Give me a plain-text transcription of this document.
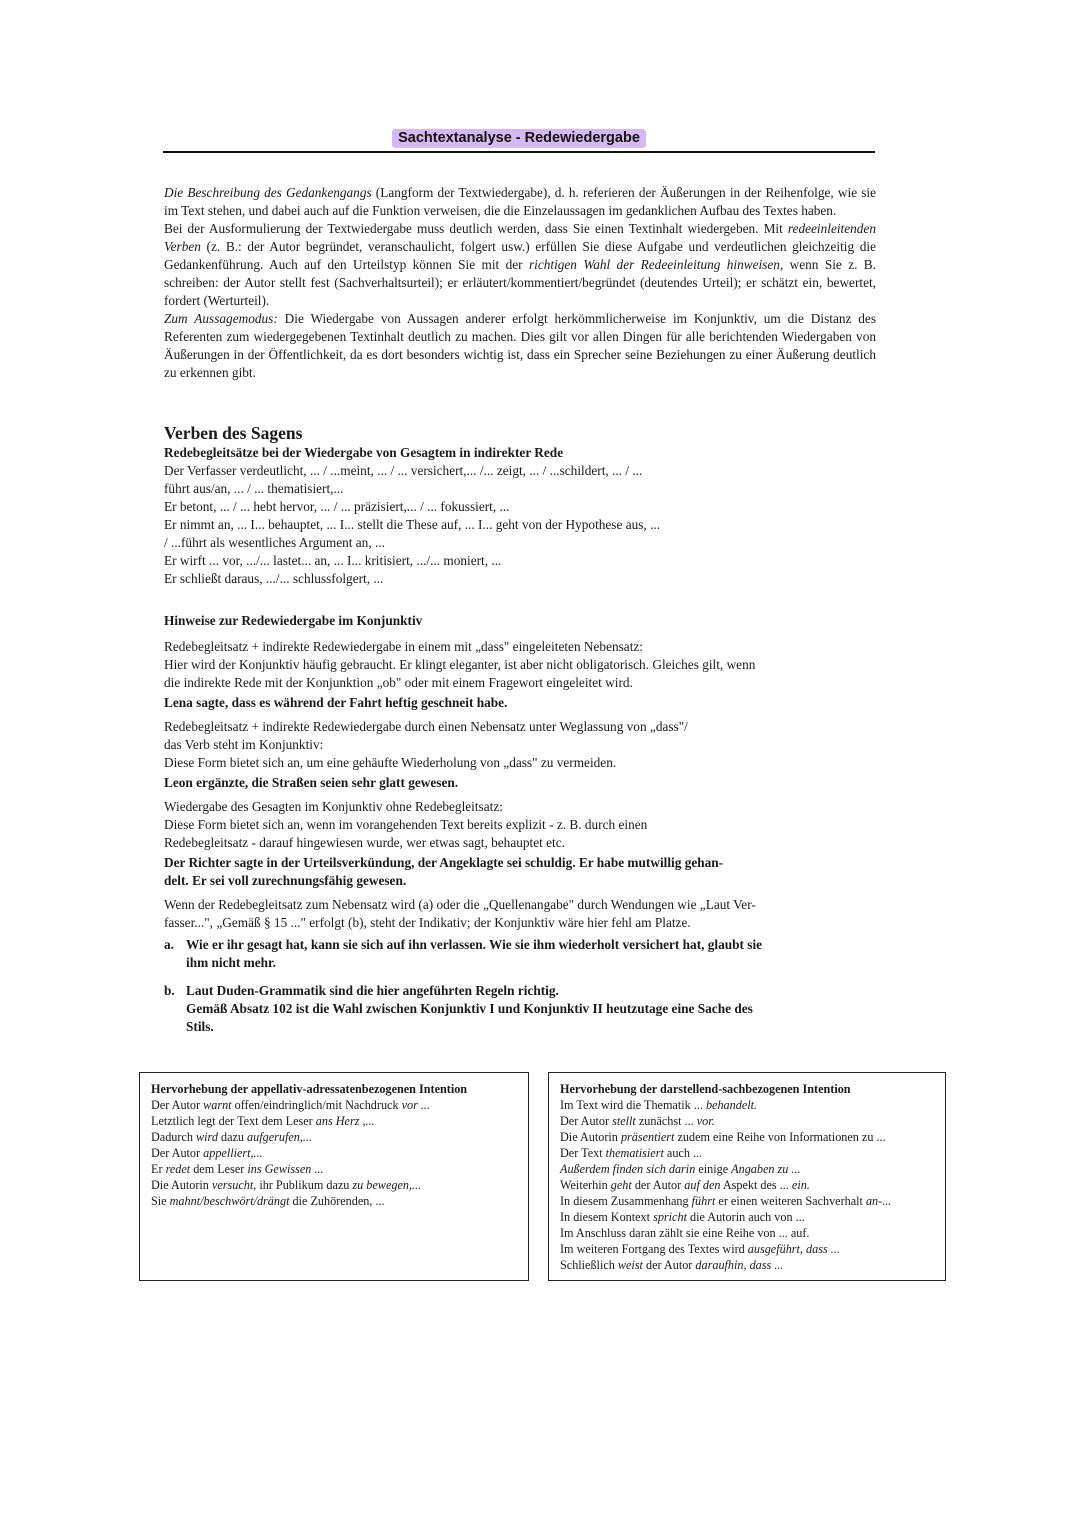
Sachtextanalyse - Redewiedergabe

Die Beschreibung des Gedankengangs (Langform der Textwiedergabe), d. h. referieren der Äußerungen in der Reihenfolge, wie sie im Text stehen, und dabei auch auf die Funktion verweisen, die die Einzelaussagen im gedanklichen Aufbau des Textes haben.

Bei der Ausformulierung der Textwiedergabe muss deutlich werden, dass Sie einen Textinhalt wiedergeben. Mit redeeinleitenden Verben (z. B.: der Autor begründet, veranschaulicht, folgert usw.) erfüllen Sie diese Aufgabe und verdeutlichen gleichzeitig die Gedankenführung. Auch auf den Urteilstyp können Sie mit der richtigen Wahl der Redeeinleitung hinweisen, wenn Sie z. B. schreiben: der Autor stellt fest (Sachverhaltsurteil); er erläutert/kommentiert/begründet (deutendes Urteil); er schätzt ein, bewertet, fordert (Werturteil).

Zum Aussagemodus: Die Wiedergabe von Aussagen anderer erfolgt herkömmlicherweise im Konjunktiv, um die Distanz des Referenten zum wiedergegebenen Textinhalt deutlich zu machen. Dies gilt vor allen Dingen für alle berichtenden Wiedergaben von Äußerungen in der Öffentlichkeit, da es dort besonders wichtig ist, dass ein Sprecher seine Beziehungen zu einer Äußerung deutlich zu erkennen gibt.

Verben des Sagens

Redebegleitsätze bei der Wiedergabe von Gesagtem in indirekter Rede

Der Verfasser verdeutlicht, ... / ...meint, ... / ... versichert,... /... zeigt, ... / ...schildert, ... / ...

führt aus/an, ... / ... thematisiert,...

Er betont, ... / ... hebt hervor, ... / ... präzisiert,... / ... fokussiert, ...

Er nimmt an, ... I... behauptet, ... I... stellt die These auf, ... I... geht von der Hypothese aus, ...

/ ...führt als wesentliches Argument an, ...

Er wirft ... vor, .../... lastet... an, ... I... kritisiert, .../... moniert, ...

Er schließt daraus, .../... schlussfolgert, ...

Hinweise zur Redewiedergabe im Konjunktiv

Redebegleitsatz + indirekte Redewiedergabe in einem mit „dass" eingeleiteten Nebensatz:

Hier wird der Konjunktiv häufig gebraucht. Er klingt eleganter, ist aber nicht obligatorisch. Gleiches gilt, wenn

die indirekte Rede mit der Konjunktion „ob" oder mit einem Fragewort eingeleitet wird.

Lena sagte, dass es während der Fahrt heftig geschneit habe.

Redebegleitsatz + indirekte Redewiedergabe durch einen Nebensatz unter Weglassung von „dass"/

das Verb steht im Konjunktiv:

Diese Form bietet sich an, um eine gehäufte Wiederholung von „dass" zu vermeiden.

Leon ergänzte, die Straßen seien sehr glatt gewesen.

Wiedergabe des Gesagten im Konjunktiv ohne Redebegleitsatz:

Diese Form bietet sich an, wenn im vorangehenden Text bereits explizit - z. B. durch einen

Redebegleitsatz - darauf hingewiesen wurde, wer etwas sagt, behauptet etc.

Der Richter sagte in der Urteilsverkündung, der Angeklagte sei schuldig. Er habe mutwillig gehan-

delt. Er sei voll zurechnungsfähig gewesen.

Wenn der Redebegleitsatz zum Nebensatz wird (a) oder die „Quellenangabe" durch Wendungen wie „Laut Ver-

fasser...", „Gemäß § 15 ..." erfolgt (b), steht der Indikativ; der Konjunktiv wäre hier fehl am Platze.

a. Wie er ihr gesagt hat, kann sie sich auf ihn verlassen. Wie sie ihm wiederholt versichert hat, glaubt sie
ihm nicht mehr.
b. Laut Duden-Grammatik sind die hier angeführten Regeln richtig.
Gemäß Absatz 102 ist die Wahl zwischen Konjunktiv I und Konjunktiv II heutzutage eine Sache des
Stils.

Hervorhebung der appellativ-adressatenbezogenen Intention

Der Autor warnt offen/eindringlich/mit Nachdruck vor ...

Letztlich legt der Text dem Leser ans Herz ,...

Dadurch wird dazu aufgerufen,...

Der Autor appelliert,...

Er redet dem Leser ins Gewissen ...

Die Autorin versucht, ihr Publikum dazu zu bewegen,...

Sie mahnt/beschwört/drängt die Zuhörenden, ...

Hervorhebung der darstellend-sachbezogenen Intention

Im Text wird die Thematik ... behandelt.

Der Autor stellt zunächst ... vor.

Die Autorin präsentiert zudem eine Reihe von Informationen zu ...

Der Text thematisiert auch ...

Außerdem finden sich darin einige Angaben zu ...

Weiterhin geht der Autor auf den Aspekt des ... ein.

In diesem Zusammenhang führt er einen weiteren Sachverhalt an-...

In diesem Kontext spricht die Autorin auch von ...

Im Anschluss daran zählt sie eine Reihe von ... auf.

Im weiteren Fortgang des Textes wird ausgeführt, dass ...

Schließlich weist der Autor daraufhin, dass ...
